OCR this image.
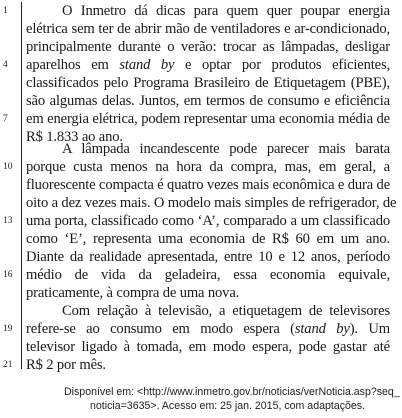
1
4
7
10
13
16
19
21
O Inmetro dá dicas para quem quer poupar energia
elétrica sem ter de abrir mão de ventiladores e ar-condicionado,
principalmente durante o verão: trocar as lâmpadas, desligar
aparelhos em stand by e optar por produtos eficientes,
classificados pelo Programa Brasileiro de Etiquetagem (PBE),
são algumas delas. Juntos, em termos de consumo e eficiência
em energia elétrica, podem representar uma economia média de
R$ 1.833 ao ano.
A lâmpada incandescente pode parecer mais barata
porque custa menos na hora da compra, mas, em geral, a
fluorescente compacta é quatro vezes mais econômica e dura de
oito a dez vezes mais. O modelo mais simples de refrigerador, de
uma porta, classificado como ‘A’, comparado a um classificado
como ‘E’, representa uma economia de R$ 60 em um ano.
Diante da realidade apresentada, entre 10 e 12 anos, período
médio de vida da geladeira, essa economia equivale,
praticamente, à compra de uma nova.
Com relação à televisão, a etiquetagem de televisores
refere-se ao consumo em modo espera (stand by). Um
televisor ligado à tomada, em modo espera, pode gastar até
R$ 2 por mês.
Disponível em: <http://www.inmetro.gov.br/noticias/verNoticia.asp?seq_
noticia=3635>. Acesso em: 25 jan. 2015, com adaptações.
